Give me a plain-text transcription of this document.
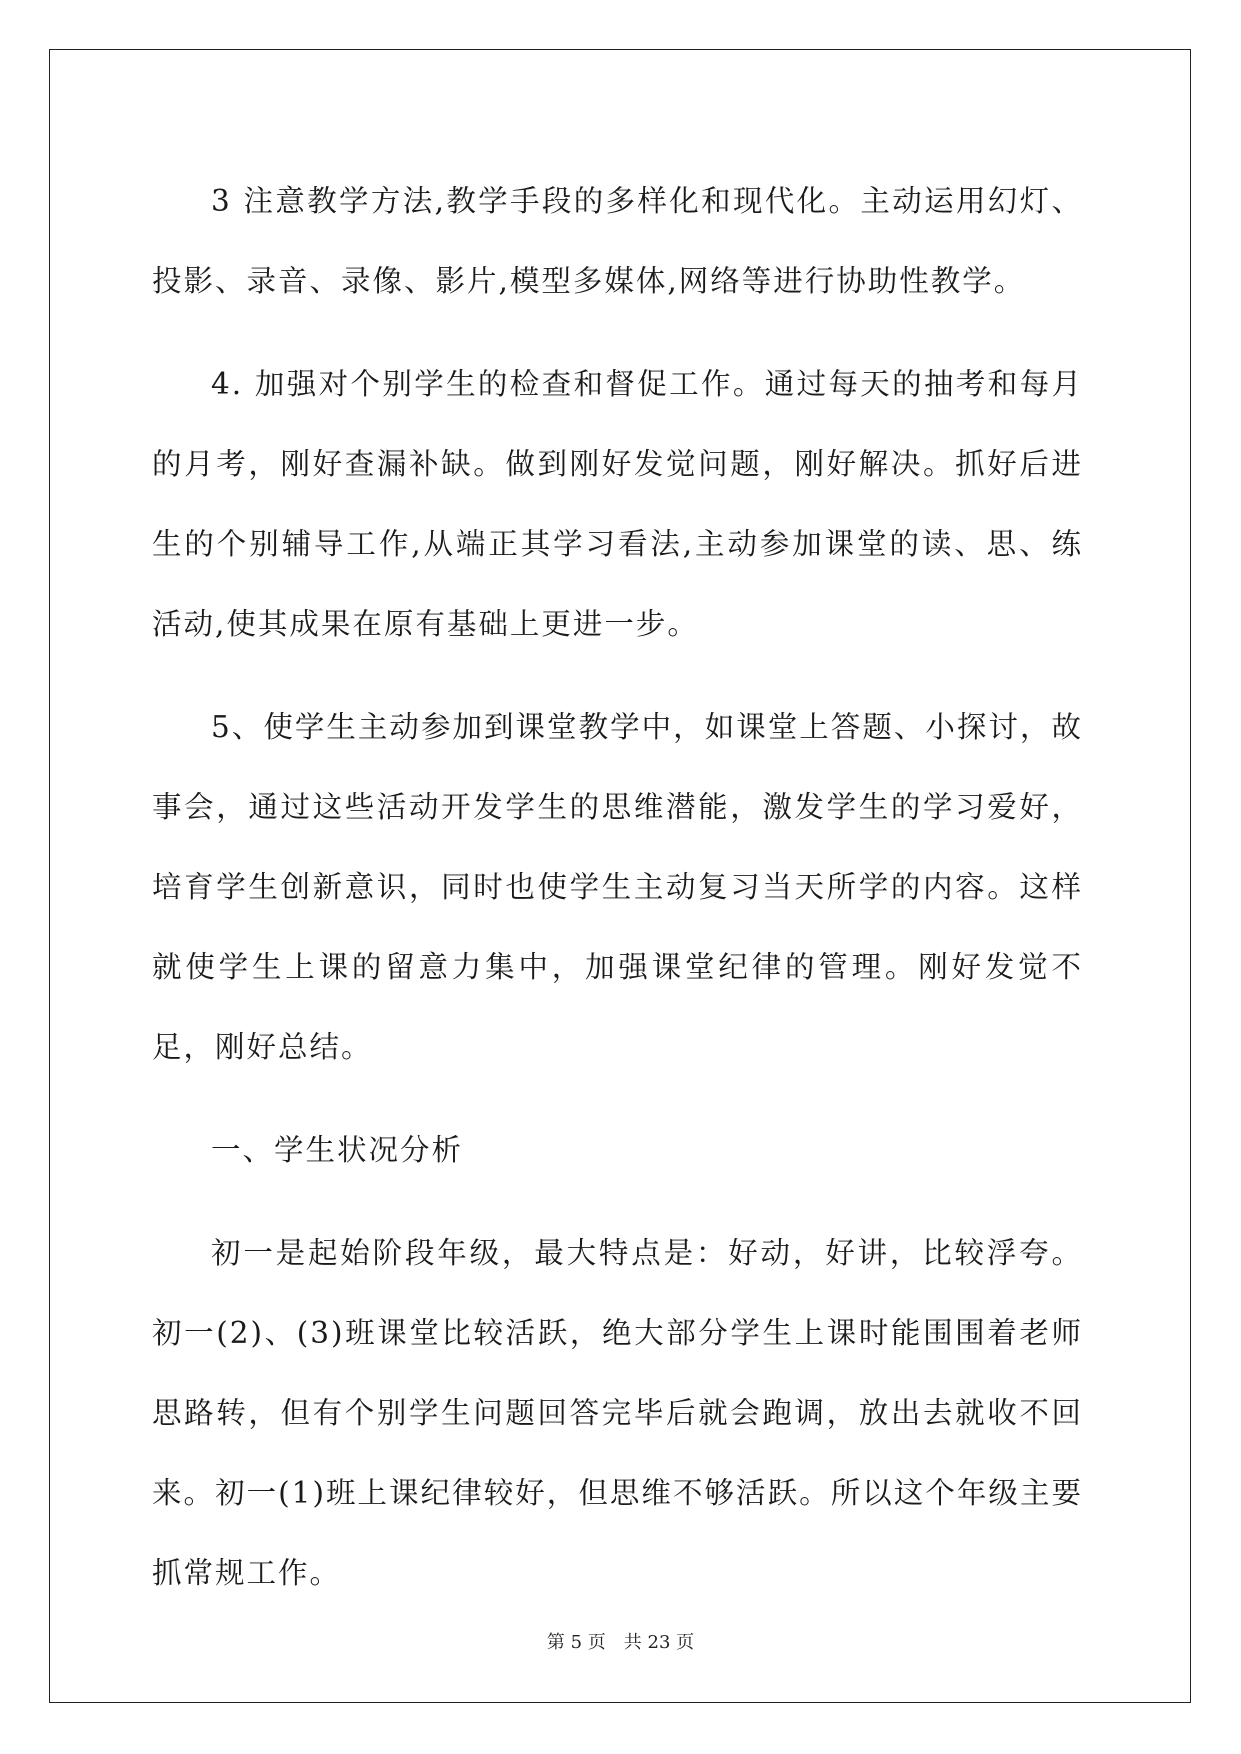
3 注意教学方法,教学手段的多样化和现代化。主动运用幻灯、投影、录音、录像、影片,模型多媒体,网络等进行协助性教学。

4. 加强对个别学生的检查和督促工作。通过每天的抽考和每月的月考，刚好查漏补缺。做到刚好发觉问题，刚好解决。抓好后进生的个别辅导工作,从端正其学习看法,主动参加课堂的读、思、练活动,使其成果在原有基础上更进一步。

5、使学生主动参加到课堂教学中，如课堂上答题、小探讨，故事会，通过这些活动开发学生的思维潜能，激发学生的学习爱好，培育学生创新意识，同时也使学生主动复习当天所学的内容。这样就使学生上课的留意力集中，加强课堂纪律的管理。刚好发觉不足，刚好总结。

一、学生状况分析

初一是起始阶段年级，最大特点是：好动，好讲，比较浮夸。初一(2)、(3)班课堂比较活跃，绝大部分学生上课时能围围着老师思路转，但有个别学生问题回答完毕后就会跑调，放出去就收不回来。初一(1)班上课纪律较好，但思维不够活跃。所以这个年级主要抓常规工作。

第 5 页 共 23 页
